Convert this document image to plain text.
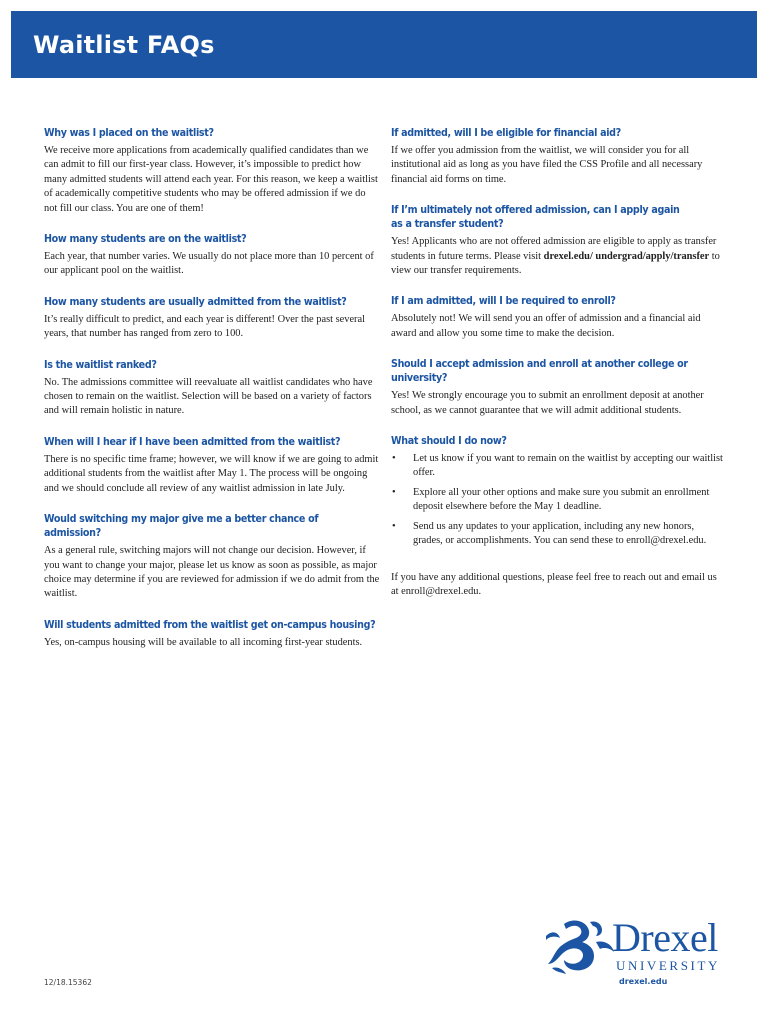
Waitlist FAQs

Why was I placed on the waitlist?

We receive more applications from academically qualified candidates than we can admit to fill our first-year class. However, it’s impossible to predict how many admitted students will attend each year. For this reason, we keep a waitlist of academically competitive students who may be offered admission if we do not fill our class. You are one of them!

How many students are on the waitlist?

Each year, that number varies. We usually do not place more than 10 percent of our applicant pool on the waitlist.

How many students are usually admitted from the waitlist?

It’s really difficult to predict, and each year is different! Over the past several years, that number has ranged from zero to 100.

Is the waitlist ranked?

No. The admissions committee will reevaluate all waitlist candidates who have chosen to remain on the waitlist. Selection will be based on a variety of factors and will remain holistic in nature.

When will I hear if I have been admitted from the waitlist?

There is no specific time frame; however, we will know if we are going to admit additional students from the waitlist after May 1. The process will be ongoing and we should conclude all review of any waitlist admission in late July.

Would switching my major give me a better chance of admission?

As a general rule, switching majors will not change our decision. However, if you want to change your major, please let us know as soon as possible, as major choice may determine if you are reviewed for admission if we do admit from the waitlist.

Will students admitted from the waitlist get on-campus housing?

Yes, on-campus housing will be available to all incoming first-year students.

If admitted, will I be eligible for financial aid?

If we offer you admission from the waitlist, we will consider you for all institutional aid as long as you have filed the CSS Profile and all necessary financial aid forms on time.

If I’m ultimately not offered admission, can I apply again
as a transfer student?

Yes! Applicants who are not offered admission are eligible to apply as transfer students in future terms. Please visit drexel.edu/ undergrad/apply/transfer to view our transfer requirements.

If I am admitted, will I be required to enroll?

Absolutely not! We will send you an offer of admission and a financial aid award and allow you some time to make the decision.

Should I accept admission and enroll at another college or university?

Yes! We strongly encourage you to submit an enrollment deposit at another school, as we cannot guarantee that we will admit additional students.

What should I do now?

• Let us know if you want to remain on the waitlist by accepting our waitlist offer.
• Explore all your other options and make sure you submit an enrollment deposit elsewhere before the May 1 deadline.
• Send us any updates to your application, including any new honors, grades, or accomplishments. You can send these to enroll@drexel.edu.

If you have any additional questions, please feel free to reach out and email us at enroll@drexel.edu.

12/18.15362
Drexel
UNIVERSITY
drexel.edu
